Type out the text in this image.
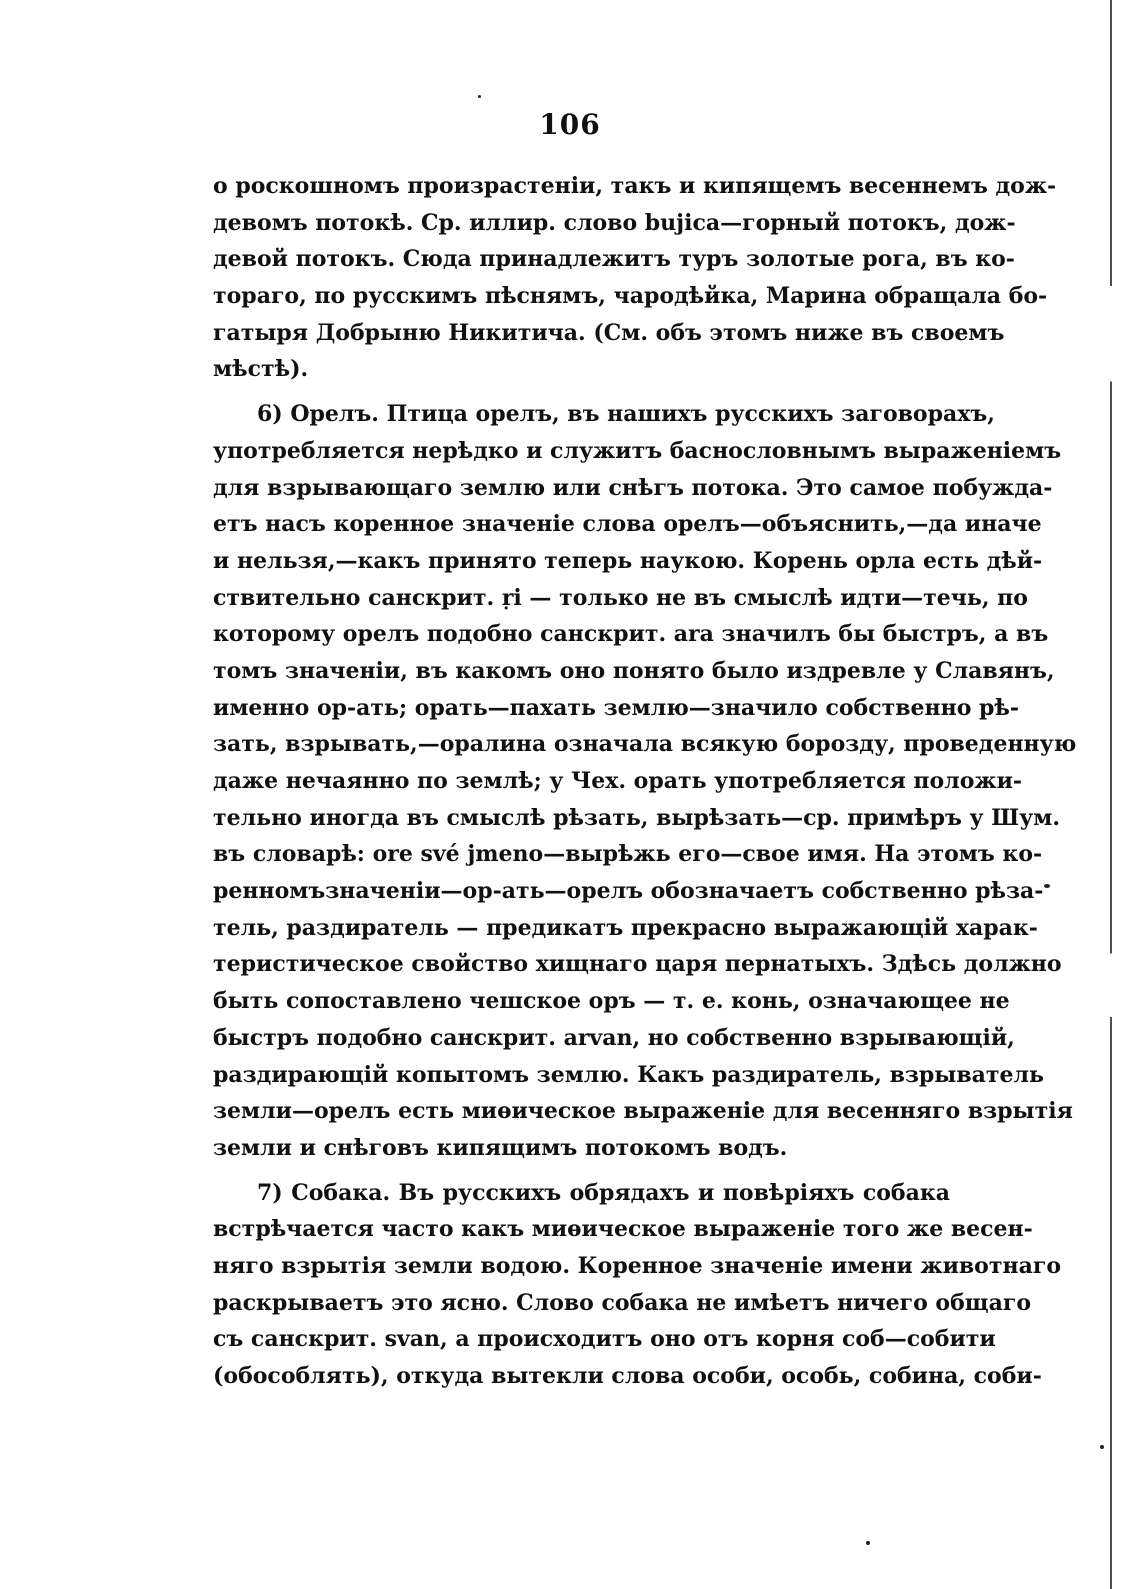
106
о роскошномъ произрастеніи, такъ и кипящемъ весеннемъ дож-
девомъ потокѣ. Ср. иллир. слово bujica—горный потокъ, дож-
девой потокъ. Сюда принадлежитъ туръ золотые рога, въ ко-
тораго, по русскимъ пѣснямъ, чародѣйка, Марина обращала бо-
гатыря Добрыню Никитича. (См. объ этомъ ниже въ своемъ
мѣстѣ).
6) Орелъ. Птица орелъ, въ нашихъ русскихъ заговорахъ,
употребляется нерѣдко и служитъ баснословнымъ выраженіемъ
для взрывающаго землю или снѣгъ потока. Это самое побужда-
етъ насъ коренное значеніе слова орелъ—объяснить,—да иначе
и нельзя,—какъ принято теперь наукою. Корень орла есть дѣй-
ствительно санскрит. ṛi — только не въ смыслѣ идти—течь, по
которому орелъ подобно санскрит. ara значилъ бы быстръ, а въ
томъ значеніи, въ какомъ оно понято было издревле у Славянъ,
именно ор-ать; орать—пахать землю—значило собственно рѣ-
зать, взрывать,—оралина означала всякую борозду, проведенную
даже нечаянно по землѣ; у Чех. орать употребляется положи-
тельно иногда въ смыслѣ рѣзать, вырѣзать—ср. примѣръ у Шум.
въ словарѣ: ore své jmeno—вырѣжь его—свое имя. На этомъ ко-
ренномъзначеніи—ор-ать—орелъ обозначаетъ собственно рѣза-
тель, раздиратель — предикатъ прекрасно выражающій харак-
теристическое свойство хищнаго царя пернатыхъ. Здѣсь должно
быть сопоставлено чешское оръ — т. е. конь, означающее не
быстръ подобно санскрит. arvan, но собственно взрывающій,
раздирающій копытомъ землю. Какъ раздиратель, взрыватель
земли—орелъ есть миѳическое выраженіе для весенняго взрытія
земли и снѣговъ кипящимъ потокомъ водъ.
7) Собака. Въ русскихъ обрядахъ и повѣріяхъ собака
встрѣчается часто какъ миѳическое выраженіе того же весен-
няго взрытія земли водою. Коренное значеніе имени животнаго
раскрываетъ это ясно. Слово собака не имѣетъ ничего общаго
съ санскрит. svan, а происходитъ оно отъ корня соб—собити
(обособлять), откуда вытекли слова особи, особь, собина, соби-
